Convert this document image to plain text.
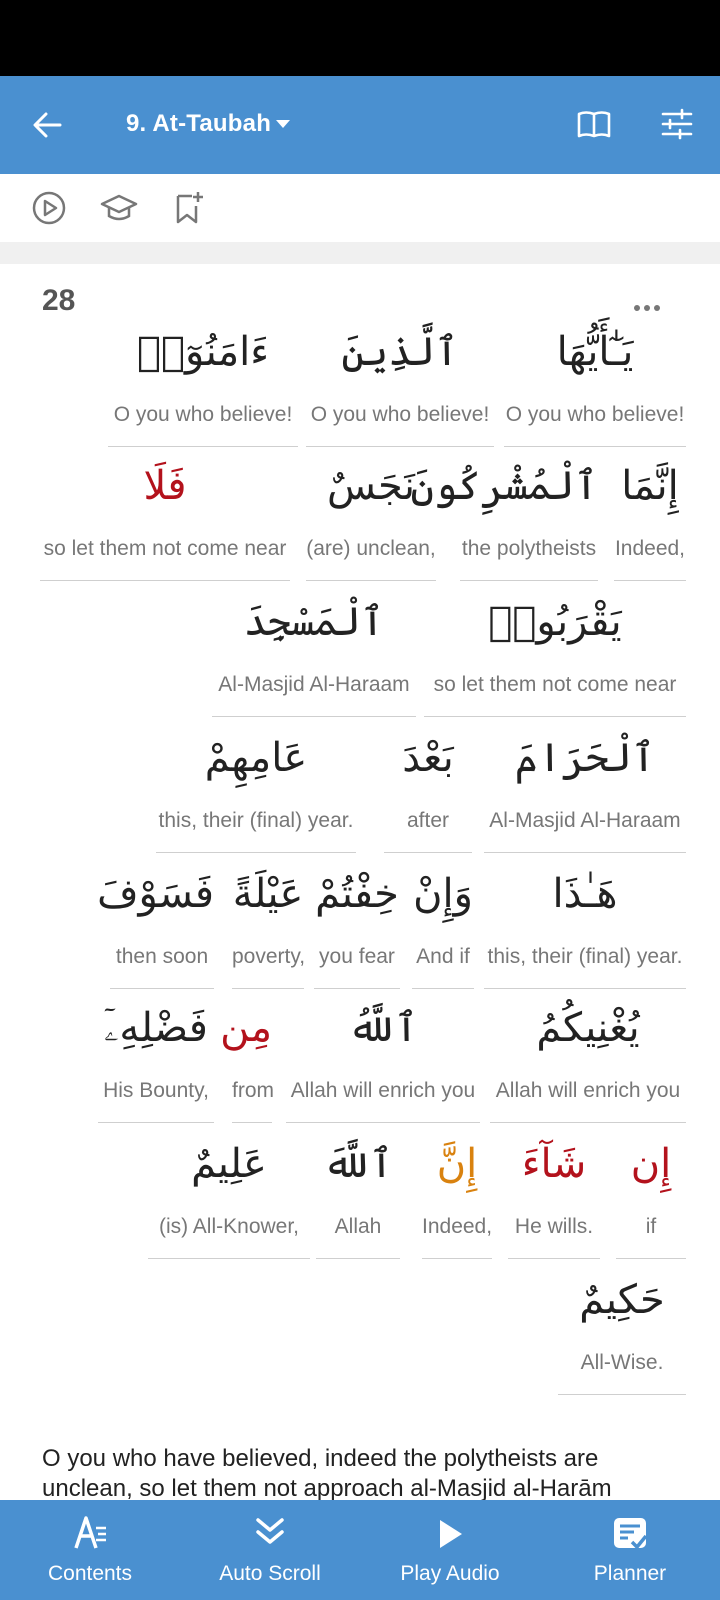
9. At-Taubah
28
يَـٰٓأَيُّهَا
O you who believe!
ٱلَّذِينَ
O you who believe!
ءَامَنُوٓا۟
O you who believe!
إِنَّمَا
Indeed,
ٱلْمُشْرِكُونَ
the polytheists
نَجَسٌ
(are) unclean,
فَلَا
so let them not come near
يَقْرَبُوا۟
so let them not come near
ٱلْمَسْجِدَ
Al-Masjid Al-Haraam
ٱلْحَرَامَ
Al-Masjid Al-Haraam
بَعْدَ
after
عَامِهِمْ
this, their (final) year.
هَـٰذَا
this, their (final) year.
وَإِنْ
And if
خِفْتُمْ
you fear
عَيْلَةً
poverty,
فَسَوْفَ
then soon
يُغْنِيكُمُ
Allah will enrich you
ٱللَّهُ
Allah will enrich you
مِن
from
فَضْلِهِۦٓ
His Bounty,
إِن
if
شَآءَ
He wills.
إِنَّ
Indeed,
ٱللَّهَ
Allah
عَلِيمٌ
(is) All-Knower,
حَكِيمٌ
All-Wise.
O you who have believed, indeed the polytheists are unclean, so let them not approach al-Masjid al-Harām
Contents	Auto Scroll	Play Audio	Planner
